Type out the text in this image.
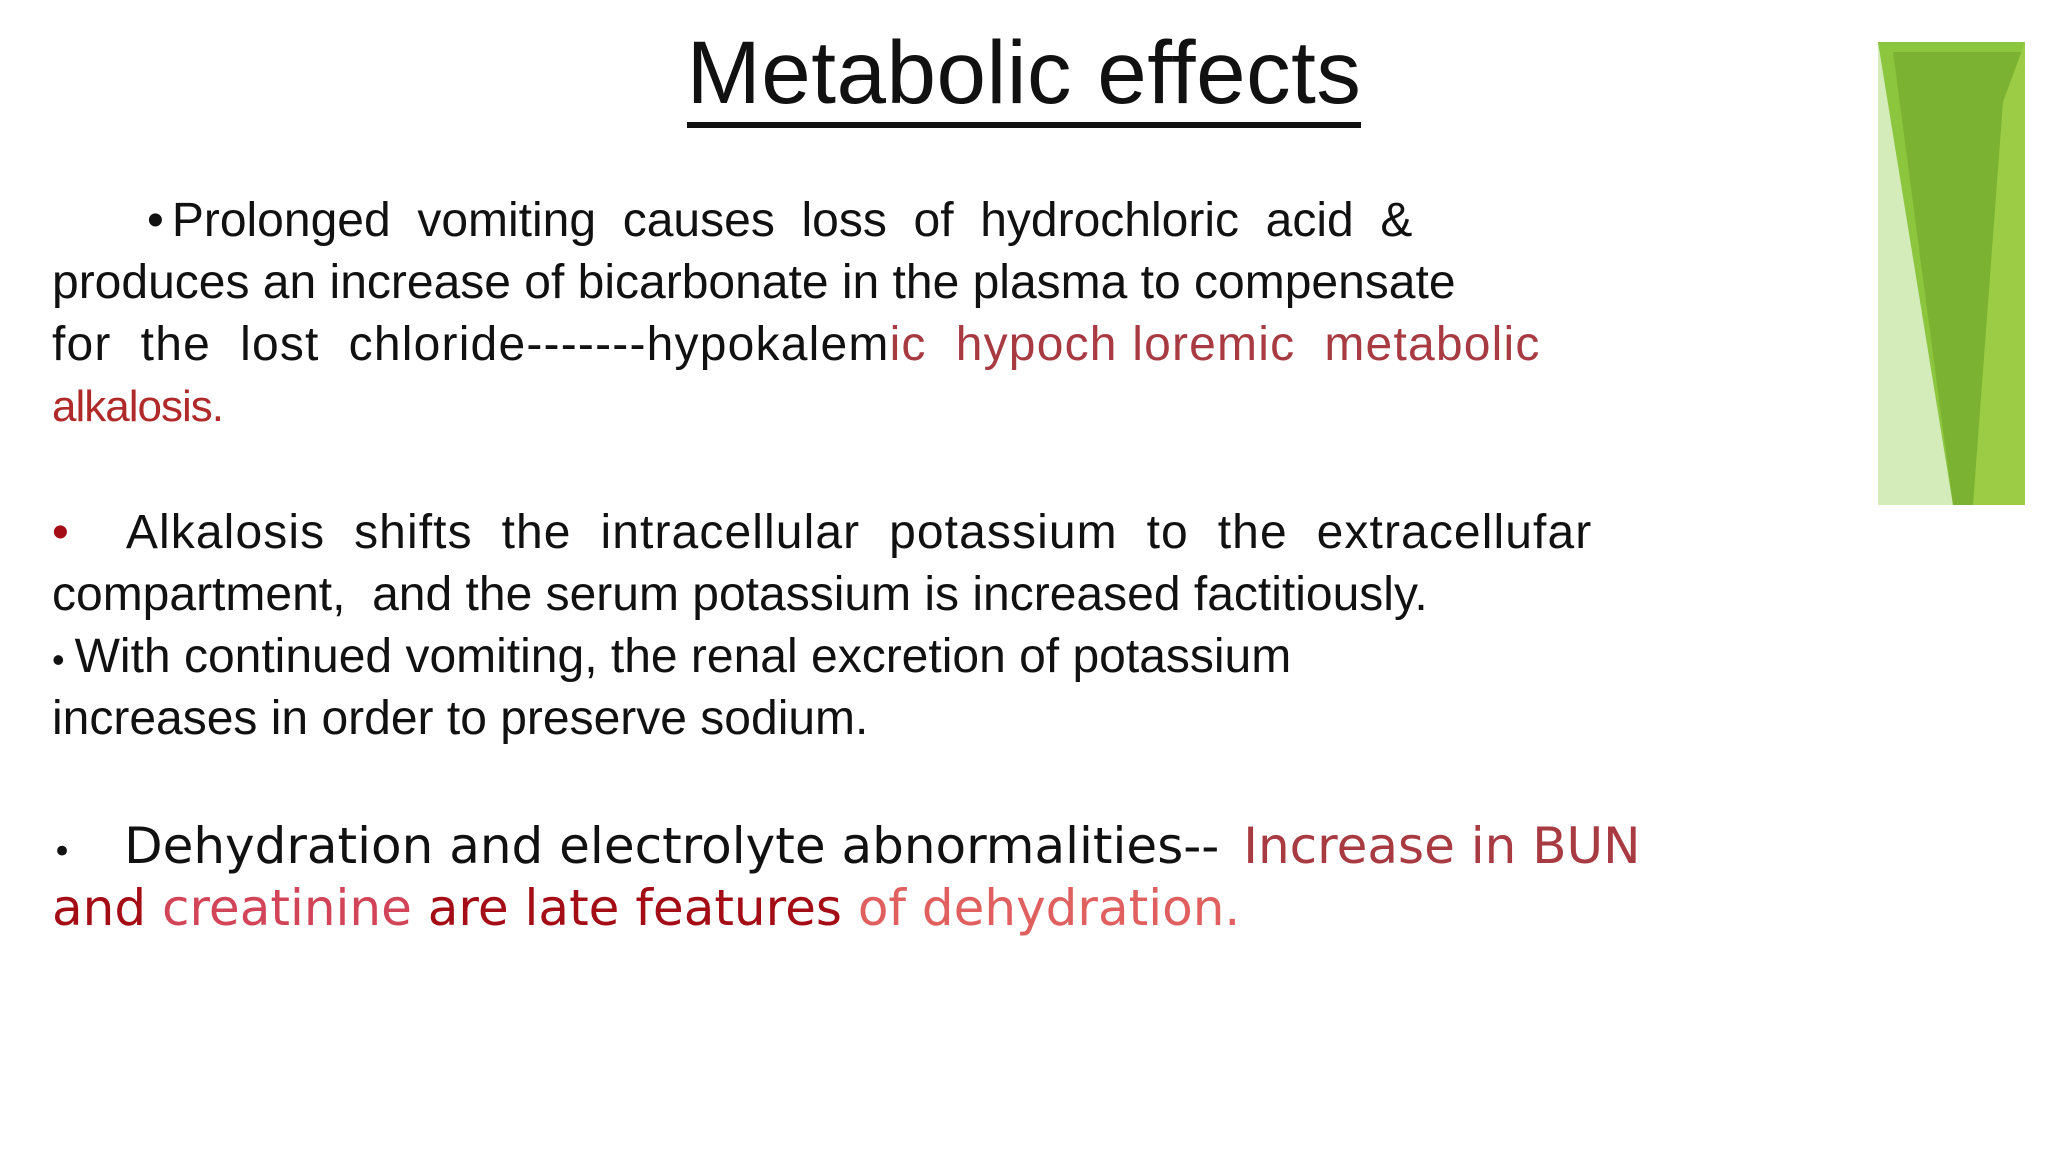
Metabolic effects
• Prolonged  vomiting  causes  loss  of  hydrochloric  acid  &
produces an increase of bicarbonate in the plasma to compensate
for  the  lost  chloride-------hypokalemic  hypoch loremic  metabolic
alkalosis.
• Alkalosis  shifts  the  intracellular  potassium  to  the  extracellufar
compartment,  and the serum potassium is increased factitiously.
• With continued vomiting, the renal excretion of potassium
increases in order to preserve sodium.
• Dehydration and electrolyte abnormalities-- Increase in BUN
and creatinine are late features of dehydration.
